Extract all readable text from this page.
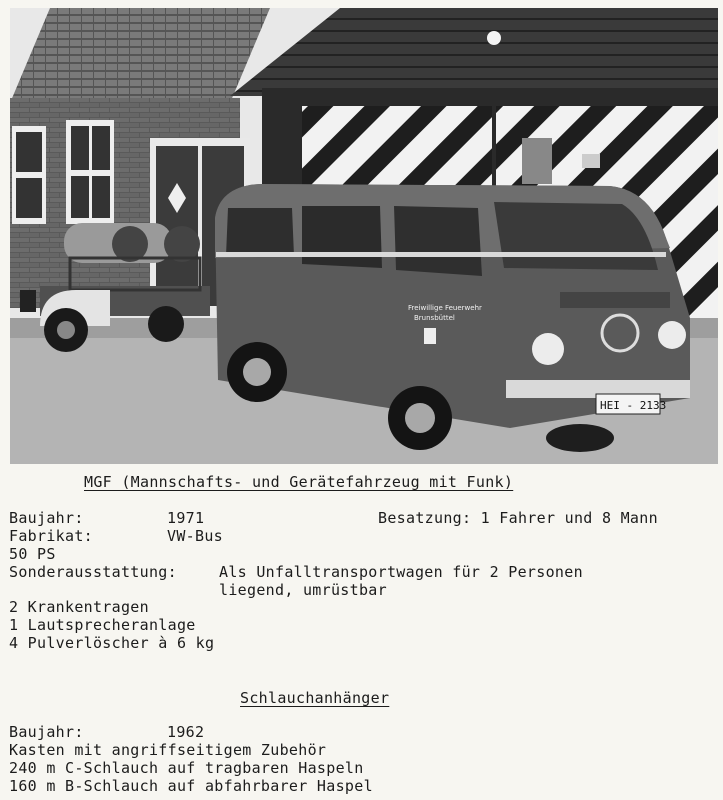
Freiwillige Feuerwehr
Brunsbüttel
HEI - 2133
MGF (Mannschafts- und Gerätefahrzeug mit Funk)
Baujahr:	1971	Besatzung: 1 Fahrer und 8 Mann
Fabrikat:	VW-Bus
50 PS
Sonderausstattung:	Als Unfalltransportwagen für 2 Personen
liegend, umrüstbar
2 Krankentragen
1 Lautsprecheranlage
4 Pulverlöscher à 6 kg
Schlauchanhänger
Baujahr:	1962
Kasten mit angriffseitigem Zubehör
240 m C-Schlauch auf tragbaren Haspeln
160 m B-Schlauch auf abfahrbarer Haspel
